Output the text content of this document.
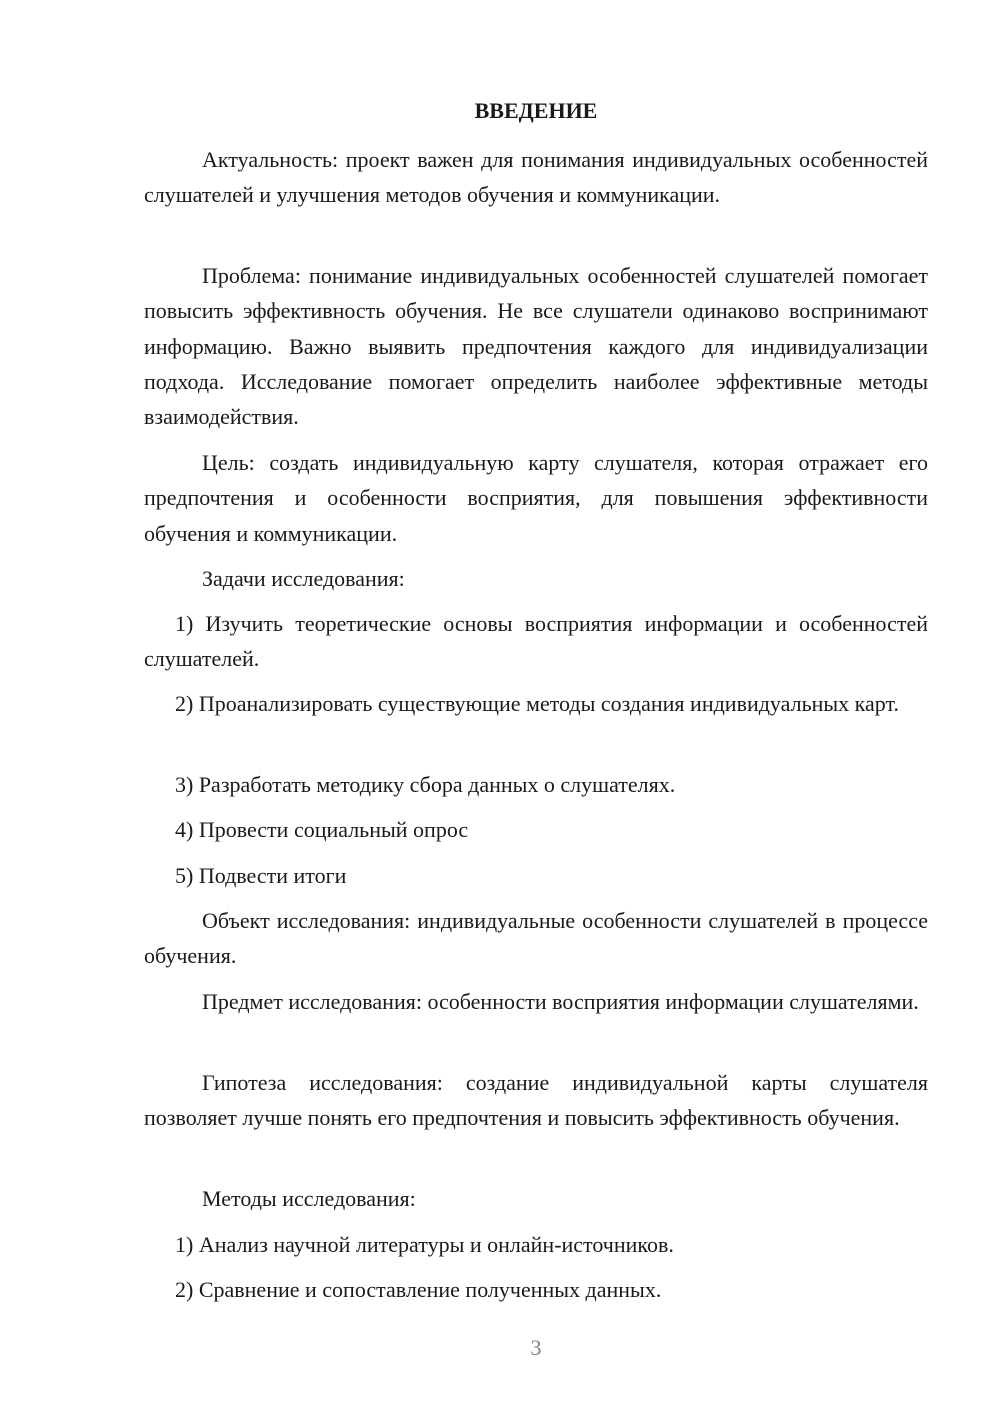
ВВЕДЕНИЕ
Актуальность: проект важен для понимания индивидуальных особенностей слушателей и улучшения методов обучения и коммуникации.
Проблема: понимание индивидуальных особенностей слушателей помогает повысить эффективность обучения. Не все слушатели одинаково воспринимают информацию. Важно выявить предпочтения каждого для индивидуализации подхода. Исследование помогает определить наиболее эффективные методы взаимодействия.
Цель: создать индивидуальную карту слушателя, которая отражает его предпочтения и особенности восприятия, для повышения эффективности обучения и коммуникации.
Задачи исследования:
1) Изучить теоретические основы восприятия информации и особенностей слушателей.
2) Проанализировать существующие методы создания индивидуальных карт.
3) Разработать методику сбора данных о слушателях.
4) Провести социальный опрос
5) Подвести итоги
Объект исследования: индивидуальные особенности слушателей в процессе обучения.
Предмет исследования: особенности восприятия информации слушателями.
Гипотеза исследования: создание индивидуальной карты слушателя позволяет лучше понять его предпочтения и повысить эффективность обучения.
Методы исследования:
1) Анализ научной литературы и онлайн-источников.
2) Сравнение и сопоставление полученных данных.
3
